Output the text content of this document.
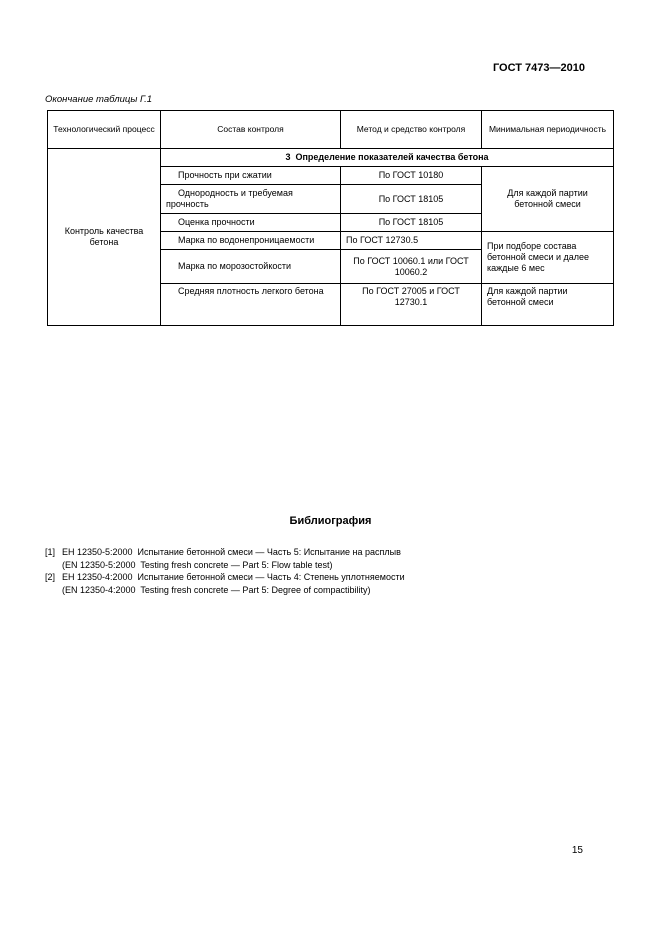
ГОСТ 7473—2010
Окончание таблицы Г.1
Технологический процесс	Состав контроля	Метод и средство контроля	Минимальная периодичность
Контроль качества бетона	3  Определение показателей качества бетона		
	Прочность при сжатии	По ГОСТ 10180	Для каждой партии бетонной смеси
	Однородность и требуемая прочность	По ГОСТ 18105	
	Оценка прочности	По ГОСТ 18105	
	Марка по водонепроницаемости	По ГОСТ 12730.5	При подборе состава бетонной смеси и далее каждые 6 мес
	Марка по морозостойкости	По ГОСТ 10060.1 или ГОСТ 10060.2	
	Средняя плотность легкого бетона	По ГОСТ 27005 и ГОСТ 12730.1	Для каждой партии бетонной смеси
Библиография
[1] ЕН 12350-5:2000  Испытание бетонной смеси — Часть 5: Испытание на расплыв
(EN 12350-5:2000  Testing fresh concrete — Part 5: Flow table test)
[2] ЕН 12350-4:2000  Испытание бетонной смеси — Часть 4: Степень уплотняемости
(EN 12350-4:2000  Testing fresh concrete — Part 5: Degree of compactibility)
15
